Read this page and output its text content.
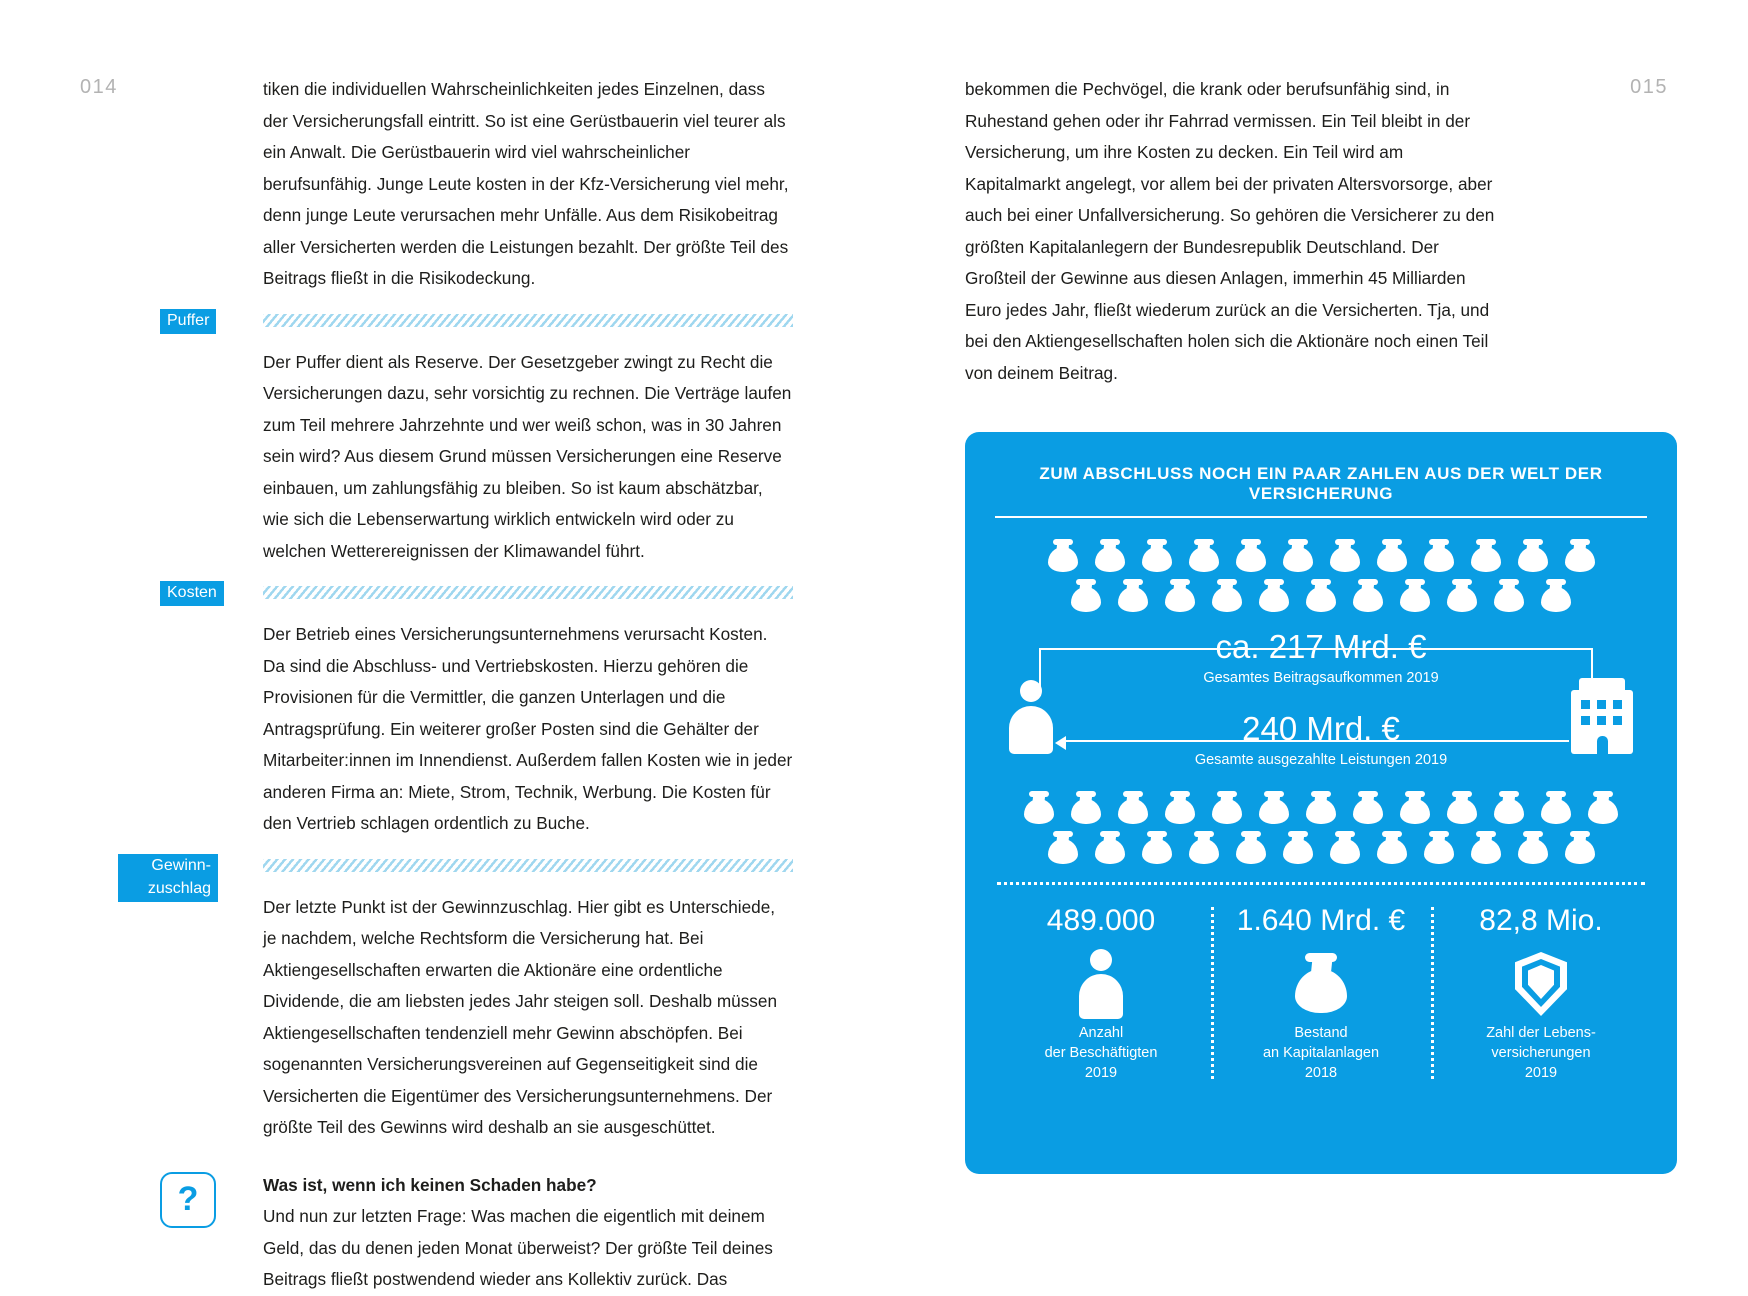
014	015

tiken die individuellen Wahrscheinlichkeiten jedes Einzelnen, dass der Versicherungsfall eintritt. So ist eine Gerüstbauerin viel teurer als ein Anwalt. Die Gerüstbauerin wird viel wahrscheinlicher berufsunfähig. Junge Leute kosten in der Kfz-Versicherung viel mehr, denn junge Leute verursachen mehr Unfälle. Aus dem Risikobeitrag aller Versicherten werden die Leistungen bezahlt. Der größte Teil des Beitrags fließt in die Risikodeckung.

Puffer

Der Puffer dient als Reserve. Der Gesetzgeber zwingt zu Recht die Versicherungen dazu, sehr vorsichtig zu rechnen. Die Verträge laufen zum Teil mehrere Jahrzehnte und wer weiß schon, was in 30 Jahren sein wird? Aus diesem Grund müssen Versicherungen eine Reserve einbauen, um zahlungsfähig zu bleiben. So ist kaum abschätzbar, wie sich die Lebenserwartung wirklich entwickeln wird oder zu welchen Wetterereignissen der Klimawandel führt.

Kosten

Der Betrieb eines Versicherungsunternehmens verursacht Kosten. Da sind die Abschluss- und Vertriebskosten. Hierzu gehören die Provisionen für die Vermittler, die ganzen Unterlagen und die Antragsprüfung. Ein weiterer großer Posten sind die Gehälter der Mitarbeiter:innen im Innendienst. Außerdem fallen Kosten wie in jeder anderen Firma an: Miete, Strom, Technik, Werbung. Die Kosten für den Vertrieb schlagen ordentlich zu Buche.

Gewinn-
zuschlag

Der letzte Punkt ist der Gewinnzuschlag. Hier gibt es Unterschiede, je nachdem, welche Rechtsform die Versicherung hat. Bei Aktiengesellschaften erwarten die Aktionäre eine ordentliche Dividende, die am liebsten jedes Jahr steigen soll. Deshalb müssen Aktiengesellschaften tendenziell mehr Gewinn abschöpfen. Bei sogenannten Versicherungsvereinen auf Gegenseitigkeit sind die Versicherten die Eigentümer des Versicherungsunternehmens. Der größte Teil des Gewinns wird deshalb an sie ausgeschüttet.

?	Was ist, wenn ich keinen Schaden habe?

Und nun zur letzten Frage: Was machen die eigentlich mit deinem Geld, das du denen jeden Monat überweist? Der größte Teil deines Beitrags fließt postwendend wieder ans Kollektiv zurück. Das

bekommen die Pechvögel, die krank oder berufsunfähig sind, in Ruhestand gehen oder ihr Fahrrad vermissen. Ein Teil bleibt in der Versicherung, um ihre Kosten zu decken. Ein Teil wird am Kapitalmarkt angelegt, vor allem bei der privaten Altersvorsorge, aber auch bei einer Unfallversicherung. So gehören die Versicherer zu den größten Kapitalanlegern der Bundesrepublik Deutschland. Der Großteil der Gewinne aus diesen Anlagen, immerhin 45 Milliarden Euro jedes Jahr, fließt wiederum zurück an die Versicherten. Tja, und bei den Aktiengesellschaften holen sich die Aktionäre noch einen Teil von deinem Beitrag.

ZUM ABSCHLUSS NOCH EIN PAAR ZAHLEN AUS DER WELT DER VERSICHERUNG
ca. 217 Mrd. €
Gesamtes Beitragsaufkommen 2019
240 Mrd. €
Gesamte ausgezahlte Leistungen 2019
489.000
Anzahl
der Beschäftigten
2019
1.640 Mrd. €
Bestand
an Kapitalanlagen
2018
82,8 Mio.
Zahl der Lebens-
versicherungen
2019
